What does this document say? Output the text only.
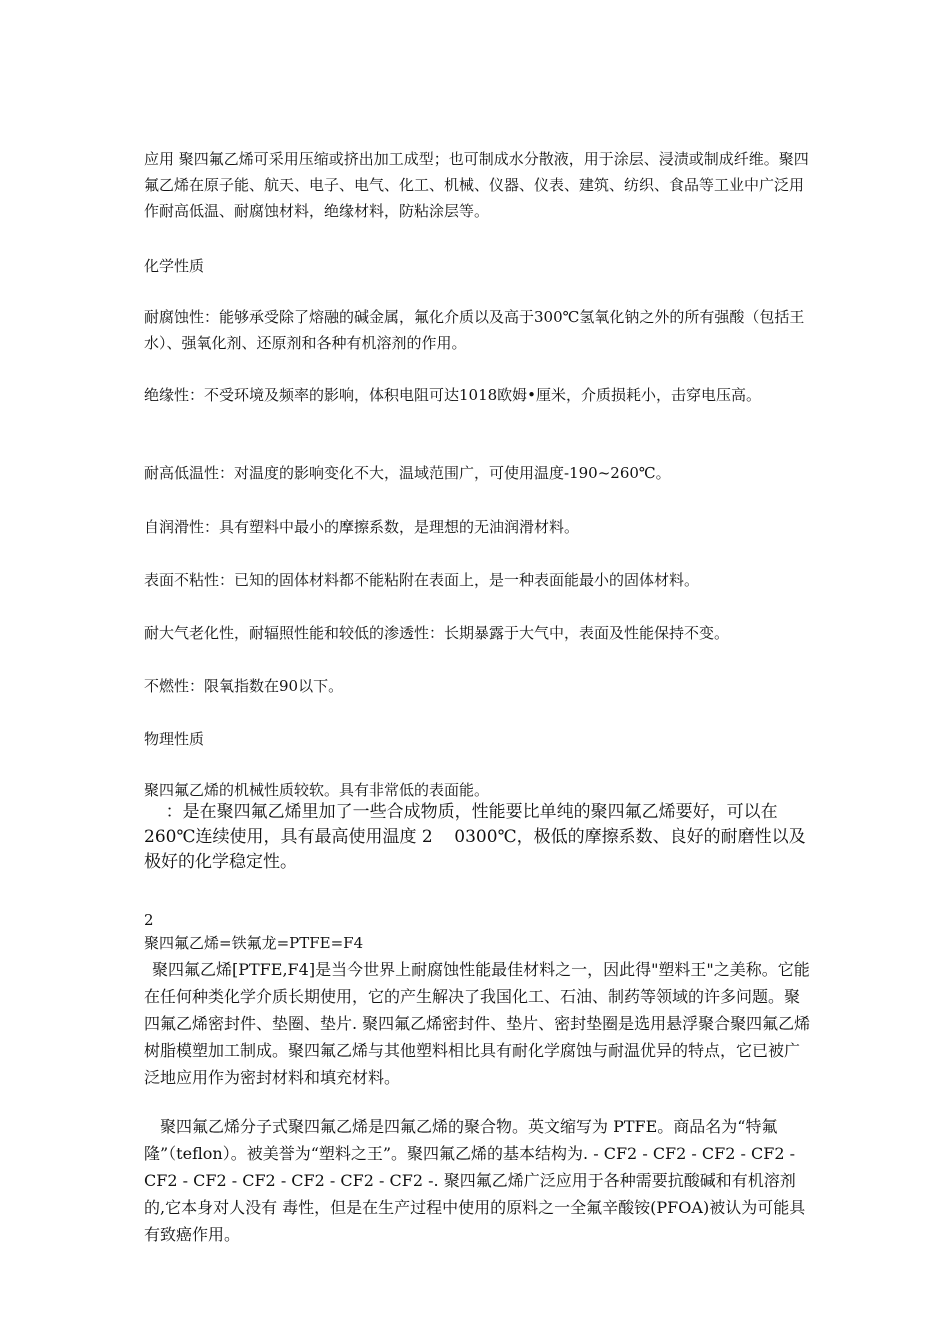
应用 聚四氟乙烯可采用压缩或挤出加工成型；也可制成水分散液，用于涂层、浸渍或制成纤维。聚四氟乙烯在原子能、航天、电子、电气、化工、机械、仪器、仪表、建筑、纺织、食品等工业中广泛用作耐高低温、耐腐蚀材料，绝缘材料，防粘涂层等。

化学性质

耐腐蚀性：能够承受除了熔融的碱金属，氟化介质以及高于300℃氢氧化钠之外的所有强酸（包括王水）、强氧化剂、还原剂和各种有机溶剂的作用。

绝缘性：不受环境及频率的影响，体积电阻可达1018欧姆•厘米，介质损耗小，击穿电压高。

耐高低温性：对温度的影响变化不大，温域范围广，可使用温度-190~260℃。

自润滑性：具有塑料中最小的摩擦系数，是理想的无油润滑材料。

表面不粘性：已知的固体材料都不能粘附在表面上，是一种表面能最小的固体材料。

耐大气老化性，耐辐照性能和较低的渗透性：长期暴露于大气中，表面及性能保持不变。

不燃性：限氧指数在90以下。

物理性质

聚四氟乙烯的机械性质较软。具有非常低的表面能。

：是在聚四氟乙烯里加了一些合成物质，性能要比单纯的聚四氟乙烯要好，可以在 260℃连续使用，具有最高使用温度 2    0300℃，极低的摩擦系数、良好的耐磨性以及极好的化学稳定性。

2

聚四氟乙烯=铁氟龙=PTFE=F4

聚四氟乙烯[PTFE,F4]是当今世界上耐腐蚀性能最佳材料之一，因此得"塑料王"之美称。它能在任何种类化学介质长期使用，它的产生解决了我国化工、石油、制药等领域的许多问题。聚四氟乙烯密封件、垫圈、垫片. 聚四氟乙烯密封件、垫片、密封垫圈是选用悬浮聚合聚四氟乙烯树脂模塑加工制成。聚四氟乙烯与其他塑料相比具有耐化学腐蚀与耐温优异的特点，它已被广泛地应用作为密封材料和填充材料。

聚四氟乙烯分子式聚四氟乙烯是四氟乙烯的聚合物。英文缩写为 PTFE。商品名为“特氟隆”（teflon）。被美誉为“塑料之王”。聚四氟乙烯的基本结构为. - CF2 - CF2 - CF2 - CF2 - CF2 - CF2 - CF2 - CF2 - CF2 - CF2 -. 聚四氟乙烯广泛应用于各种需要抗酸碱和有机溶剂的,它本身对人没有 毒性，但是在生产过程中使用的原料之一全氟辛酸铵(PFOA)被认为可能具有致癌作用。
